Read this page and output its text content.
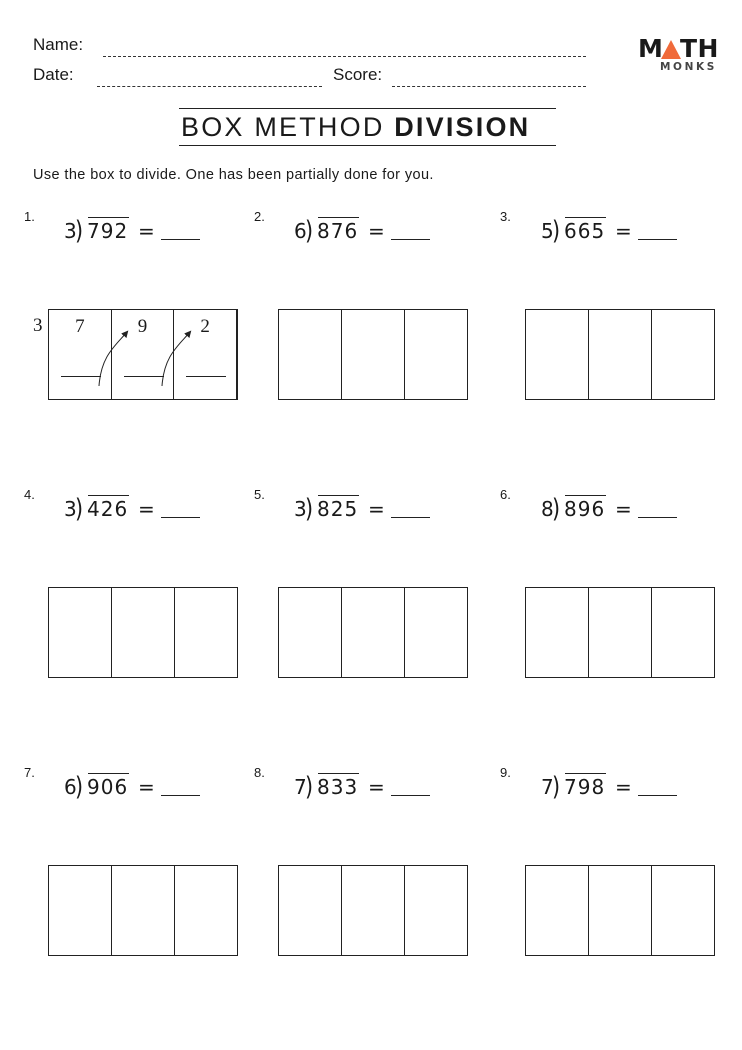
Name:
Date:	Score:
M TH
MONKS
BOX METHOD DIVISION
Use the box to divide. One has been partially done for you.
1.
3
) 792 =
2.
6
) 876 =
3.
5
) 665 =
4.
3
) 426 =
5.
3
) 825 =
6.
8
) 896 =
7.
6
) 906 =
8.
7
) 833 =
9.
7
) 798 =
7	9	2
3
